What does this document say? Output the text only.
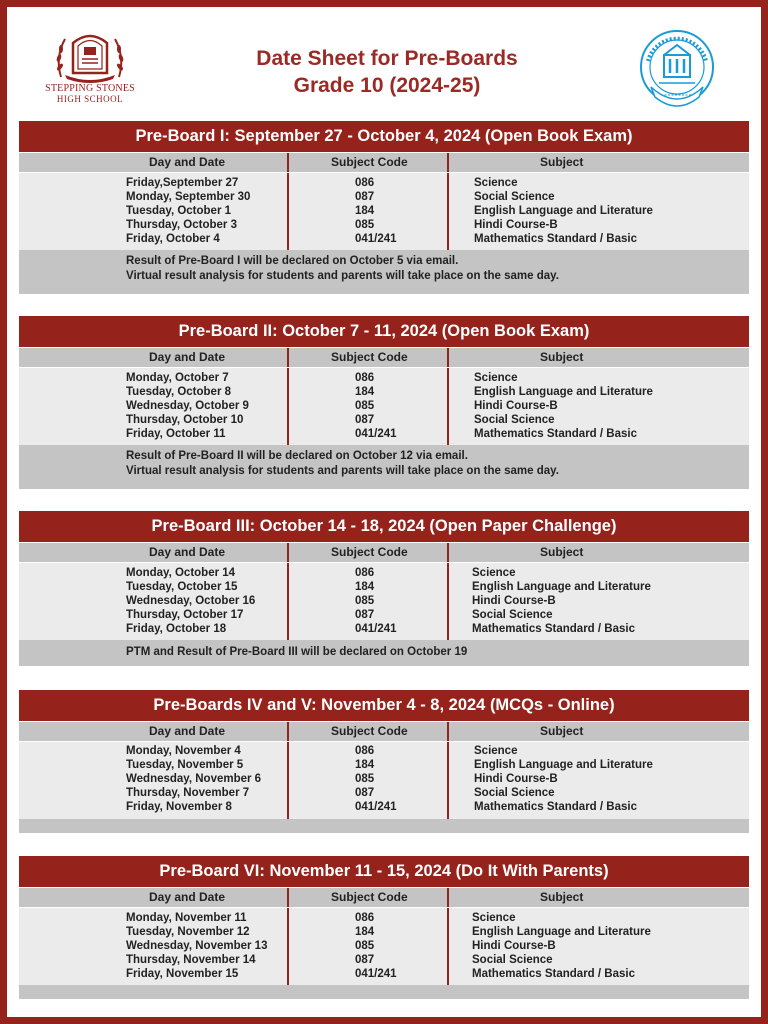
STEPPING STONES
HIGH SCHOOL
Date Sheet for Pre-Boards
Grade 10 (2024-25)
Pre-Board I: September 27 - October 4, 2024 (Open Book Exam)
Day and Date	Subject Code	Subject
Friday,September 27	086	Science
Monday, September 30	087	Social Science
Tuesday, October 1	184	English Language and Literature
Thursday, October 3	085	Hindi Course-B
Friday, October 4	041/241	Mathematics Standard / Basic
Result of Pre-Board I will be declared on October 5 via email.
Virtual result analysis for students and parents will take place on the same day.
Pre-Board II: October 7 - 11, 2024 (Open Book Exam)
Day and Date	Subject Code	Subject
Monday, October 7	086	Science
Tuesday, October 8	184	English Language and Literature
Wednesday, October 9	085	Hindi Course-B
Thursday, October 10	087	Social Science
Friday, October 11	041/241	Mathematics Standard / Basic
Result of Pre-Board II will be declared on October 12 via email.
Virtual result analysis for students and parents will take place on the same day.
Pre-Board III: October 14 - 18, 2024 (Open Paper Challenge)
Day and Date	Subject Code	Subject
Monday, October 14	086	Science
Tuesday, October 15	184	English Language and Literature
Wednesday, October 16	085	Hindi Course-B
Thursday, October 17	087	Social Science
Friday, October 18	041/241	Mathematics Standard / Basic
PTM and Result of Pre-Board III will be declared on October 19
Pre-Boards IV and V: November 4 - 8, 2024 (MCQs - Online)
Day and Date	Subject Code	Subject
Monday, November 4	086	Science
Tuesday, November 5	184	English Language and Literature
Wednesday, November 6	085	Hindi Course-B
Thursday, November 7	087	Social Science
Friday, November 8	041/241	Mathematics Standard / Basic
Pre-Board VI: November 11 - 15, 2024 (Do It With Parents)
Day and Date	Subject Code	Subject
Monday, November 11	086	Science
Tuesday, November 12	184	English Language and Literature
Wednesday, November 13	085	Hindi Course-B
Thursday, November 14	087	Social Science
Friday, November 15	041/241	Mathematics Standard / Basic
